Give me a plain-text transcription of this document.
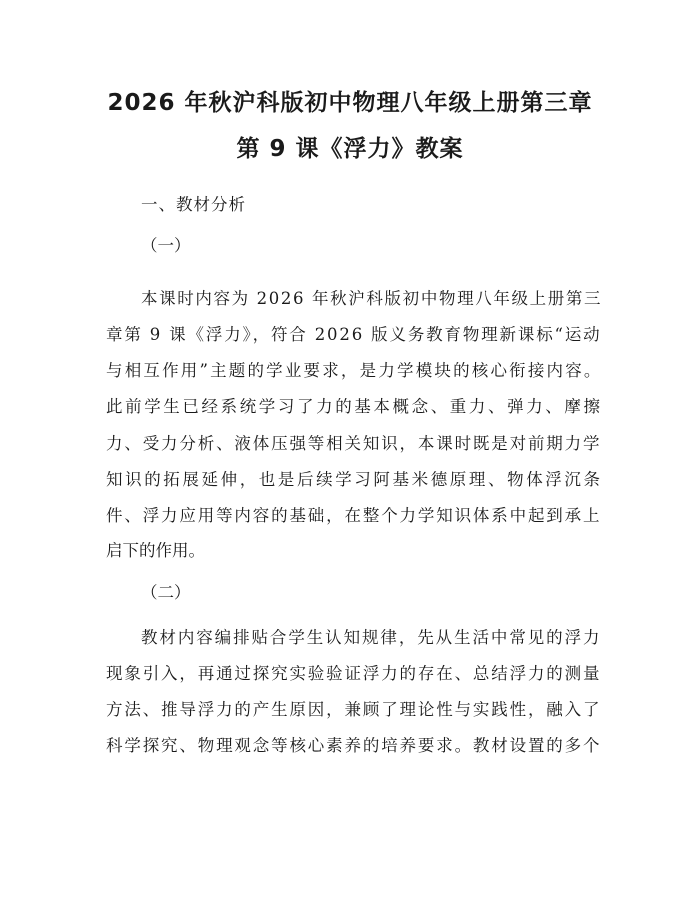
2026 年秋沪科版初中物理八年级上册第三章
第 9 课《浮力》教案
一、教材分析
（一）
本课时内容为 2026 年秋沪科版初中物理八年级上册第三
章第 9 课《浮力》，符合 2026 版义务教育物理新课标“运动
与相互作用”主题的学业要求，是力学模块的核心衔接内容。
此前学生已经系统学习了力的基本概念、重力、弹力、摩擦
力、受力分析、液体压强等相关知识，本课时既是对前期力学
知识的拓展延伸，也是后续学习阿基米德原理、物体浮沉条
件、浮力应用等内容的基础，在整个力学知识体系中起到承上
启下的作用。
（二）
教材内容编排贴合学生认知规律，先从生活中常见的浮力
现象引入，再通过探究实验验证浮力的存在、总结浮力的测量
方法、推导浮力的产生原因，兼顾了理论性与实践性，融入了
科学探究、物理观念等核心素养的培养要求。教材设置的多个
